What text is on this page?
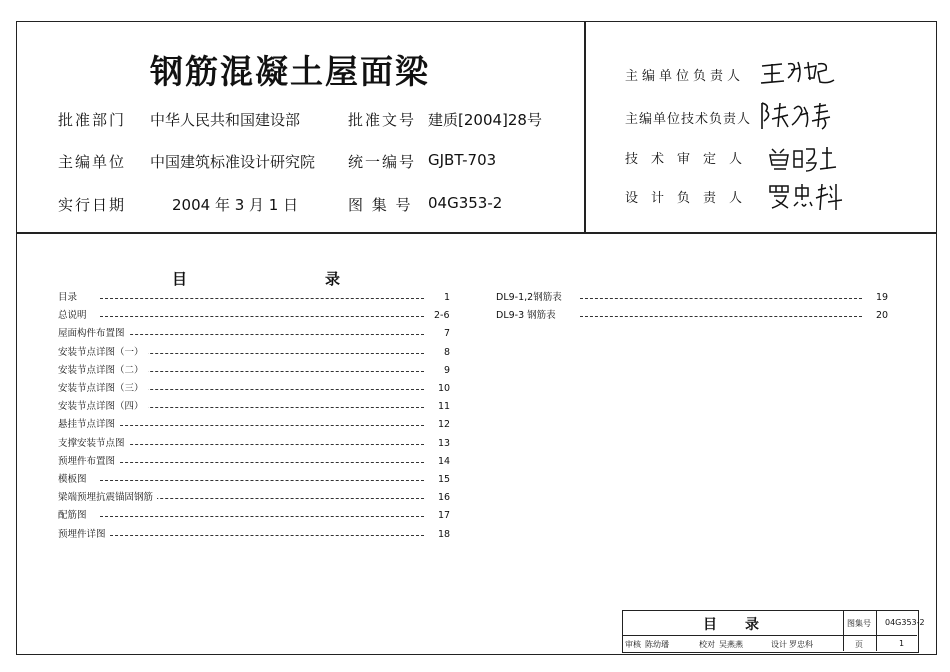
钢筋混凝土屋面梁
批准部门 中华人民共和国建设部	批准文号 建质[2004]28号
主编单位 中国建筑标准设计研究院 统一编号 GJBT-703
实行日期	2004 年 3 月 1 日	图 集 号 04G353-2
主编单位负责人
主编单位技术负责人
技术审定人
设计负责人
目	录
目录	1
总说明	2-6
屋面构件布置图	7
安装节点详图（一）	8
安装节点详图（二）	9
安装节点详图（三）	10
安装节点详图（四）	11
悬挂节点详图	12
支撑安装节点图	13
预埋件布置图	14
模板图	15
梁端预埋抗震锚固钢筋	16
配筋图	17
预埋件详图	18
DL9-1,2钢筋表	19
DL9-3 钢筋表	20
目　　录	图集号 04G353-2
审核 陈幼璠	校对 吴燕燕	设计 罗忠科	页	1
